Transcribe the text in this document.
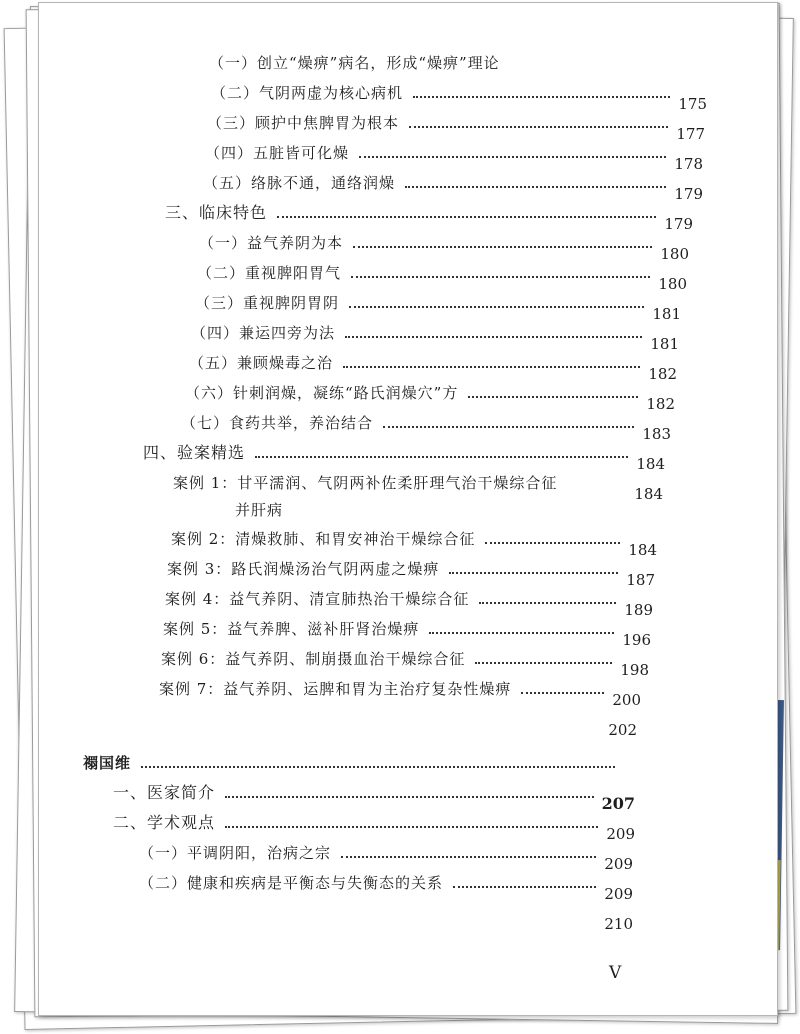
（一）创立“燥痹”病名，形成“燥痹”理论
（二）气阴两虚为核心病机
175
（三）顾护中焦脾胃为根本
177
（四）五脏皆可化燥
178
（五）络脉不通，通络润燥
179
三、临床特色
179
（一）益气养阴为本
180
（二）重视脾阳胃气
180
（三）重视脾阴胃阴
181
（四）兼运四旁为法
181
（五）兼顾燥毒之治
182
（六）针刺润燥，凝练“路氏润燥穴”方
182
（七）食药共举，养治结合
183
四、验案精选
184
案例 1：甘平濡润、气阴两补佐柔肝理气治干燥综合征
184
并肝病
案例 2：清燥救肺、和胃安神治干燥综合征
184
案例 3：路氏润燥汤治气阴两虚之燥痹
187
案例 4：益气养阴、清宣肺热治干燥综合征
189
案例 5：益气养脾、滋补肝肾治燥痹
196
案例 6：益气养阴、制崩摄血治干燥综合征
198
案例 7：益气养阴、运脾和胃为主治疗复杂性燥痹
200
202
禤国维
一、医家简介
207
二、学术观点
209
（一）平调阴阳，治病之宗
209
（二）健康和疾病是平衡态与失衡态的关系
209
210
V
